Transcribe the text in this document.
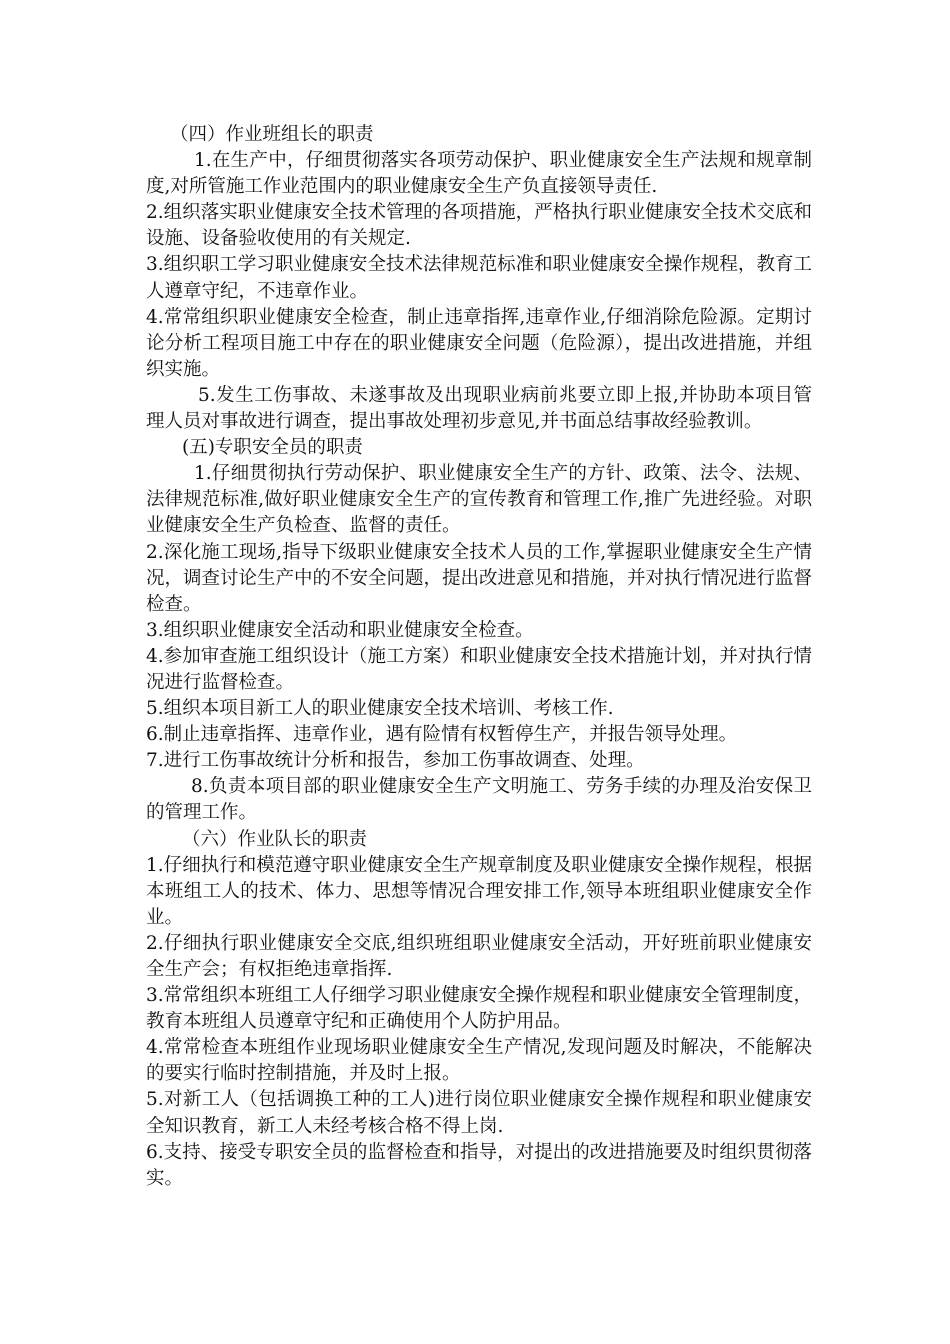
（四）作业班组长的职责

1.在生产中，仔细贯彻落实各项劳动保护、职业健康安全生产法规和规章制度,对所管施工作业范围内的职业健康安全生产负直接领导责任.

2.组织落实职业健康安全技术管理的各项措施，严格执行职业健康安全技术交底和设施、设备验收使用的有关规定.

3.组织职工学习职业健康安全技术法律规范标准和职业健康安全操作规程，教育工人遵章守纪，不违章作业。

4.常常组织职业健康安全检查，制止违章指挥,违章作业,仔细消除危险源。定期讨论分析工程项目施工中存在的职业健康安全问题（危险源），提出改进措施，并组织实施。

5.发生工伤事故、未遂事故及出现职业病前兆要立即上报,并协助本项目管理人员对事故进行调查，提出事故处理初步意见,并书面总结事故经验教训。

(五)专职安全员的职责

1.仔细贯彻执行劳动保护、职业健康安全生产的方针、政策、法令、法规、法律规范标准,做好职业健康安全生产的宣传教育和管理工作,推广先进经验。对职业健康安全生产负检查、监督的责任。

2.深化施工现场,指导下级职业健康安全技术人员的工作,掌握职业健康安全生产情况，调查讨论生产中的不安全问题，提出改进意见和措施，并对执行情况进行监督检查。

3.组织职业健康安全活动和职业健康安全检查。

4.参加审查施工组织设计（施工方案）和职业健康安全技术措施计划，并对执行情况进行监督检查。

5.组织本项目新工人的职业健康安全技术培训、考核工作.

6.制止违章指挥、违章作业，遇有险情有权暂停生产，并报告领导处理。

7.进行工伤事故统计分析和报告，参加工伤事故调查、处理。

8.负责本项目部的职业健康安全生产文明施工、劳务手续的办理及治安保卫的管理工作。

（六）作业队长的职责

1.仔细执行和模范遵守职业健康安全生产规章制度及职业健康安全操作规程，根据本班组工人的技术、体力、思想等情况合理安排工作,领导本班组职业健康安全作业。

2.仔细执行职业健康安全交底,组织班组职业健康安全活动，开好班前职业健康安全生产会；有权拒绝违章指挥.

3.常常组织本班组工人仔细学习职业健康安全操作规程和职业健康安全管理制度，教育本班组人员遵章守纪和正确使用个人防护用品。

4.常常检查本班组作业现场职业健康安全生产情况,发现问题及时解决，不能解决的要实行临时控制措施，并及时上报。

5.对新工人（包括调换工种的工人)进行岗位职业健康安全操作规程和职业健康安全知识教育，新工人未经考核合格不得上岗.

6.支持、接受专职安全员的监督检查和指导，对提出的改进措施要及时组织贯彻落实。
